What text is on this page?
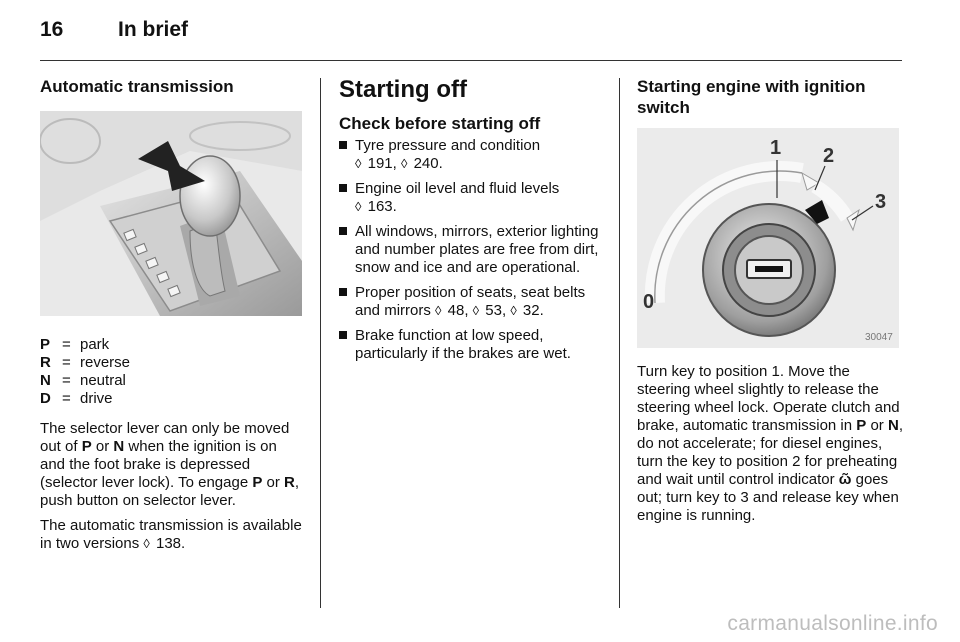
16	In brief
Automatic transmission
P = park
R = reverse
N = neutral
D = drive

The selector lever can only be moved out of P or N when the ignition is on and the foot brake is depressed (selector lever lock). To engage P or R, push button on selector lever.

The automatic transmission is available in two versions ◊ 138.

Starting off
Check before starting off
Tyre pressure and condition
◊ 191, ◊ 240.
Engine oil level and fluid levels
◊ 163.
All windows, mirrors, exterior lighting and number plates are free from dirt, snow and ice and are operational.
Proper position of seats, seat belts and mirrors ◊ 48, ◊ 53, ◊ 32.
Brake function at low speed, particularly if the brakes are wet.
Starting engine with ignition switch
1 2
3
0
30047

Turn key to position 1. Move the steering wheel slightly to release the steering wheel lock. Operate clutch and brake, automatic transmission in P or N, do not accelerate; for diesel engines, turn the key to position 2 for preheating and wait until control indicator ῶ goes out; turn key to 3 and release key when engine is running.

carmanualsonline.info
